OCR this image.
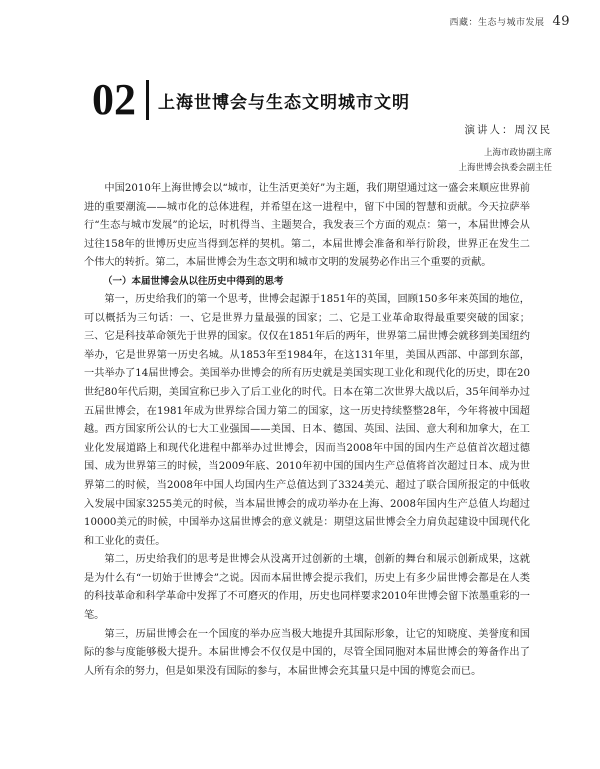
西藏：生态与城市发展 49
02 上海世博会与生态文明城市文明
演讲人：周汉民
上海市政协副主席
上海世博会执委会副主任

中国2010年上海世博会以“城市，让生活更美好”为主题，我们期望通过这一盛会来顺应世界前进的重要潮流——城市化的总体进程，并希望在这一进程中，留下中国的智慧和贡献。今天拉萨举行“生态与城市发展”的论坛，时机得当、主题契合，我发表三个方面的观点：第一，本届世博会从过往158年的世博历史应当得到怎样的契机。第二，本届世博会准备和举行阶段，世界正在发生二个伟大的转折。第二，本届世博会为生态文明和城市文明的发展势必作出三个重要的贡献。

（一）本届世博会从以往历史中得到的思考

第一，历史给我们的第一个思考，世博会起源于1851年的英国，回顾150多年来英国的地位，可以概括为三句话：一、它是世界力量最强的国家；二、它是工业革命取得最重要突破的国家；三、它是科技革命领先于世界的国家。仅仅在1851年后的两年，世界第二届世博会就移到美国纽约举办，它是世界第一历史名城。从1853年至1984年，在这131年里，美国从西部、中部到东部，一共举办了14届世博会。美国举办世博会的所有历史就是美国实现工业化和现代化的历史，即在20世纪80年代后期，美国宣称已步入了后工业化的时代。日本在第二次世界大战以后，35年间举办过五届世博会，在1981年成为世界综合国力第二的国家，这一历史持续整整28年，今年将被中国超越。西方国家所公认的七大工业强国——美国、日本、德国、英国、法国、意大利和加拿大，在工业化发展道路上和现代化进程中都举办过世博会，因而当2008年中国的国内生产总值首次超过德国、成为世界第三的时候，当2009年底、2010年初中国的国内生产总值将首次超过日本、成为世界第二的时候，当2008年中国人均国内生产总值达到了3324美元、超过了联合国所报定的中低收入发展中国家3255美元的时候，当本届世博会的成功举办在上海、2008年国内生产总值人均超过10000美元的时候，中国举办这届世博会的意义就是：期望这届世博会全力肩负起建设中国现代化和工业化的责任。

第二，历史给我们的思考是世博会从没离开过创新的土壤，创新的舞台和展示创新成果，这就是为什么有“一切始于世博会”之说。因而本届世博会提示我们，历史上有多少届世博会都是在人类的科技革命和科学革命中发挥了不可磨灭的作用，历史也同样要求2010年世博会留下浓墨重彩的一笔。

第三，历届世博会在一个国度的举办应当极大地提升其国际形象，让它的知晓度、美誉度和国际的参与度能够极大提升。本届世博会不仅仅是中国的，尽管全国同胞对本届世博会的筹备作出了人所有余的努力，但是如果没有国际的参与，本届世博会充其量只是中国的博览会而已。
